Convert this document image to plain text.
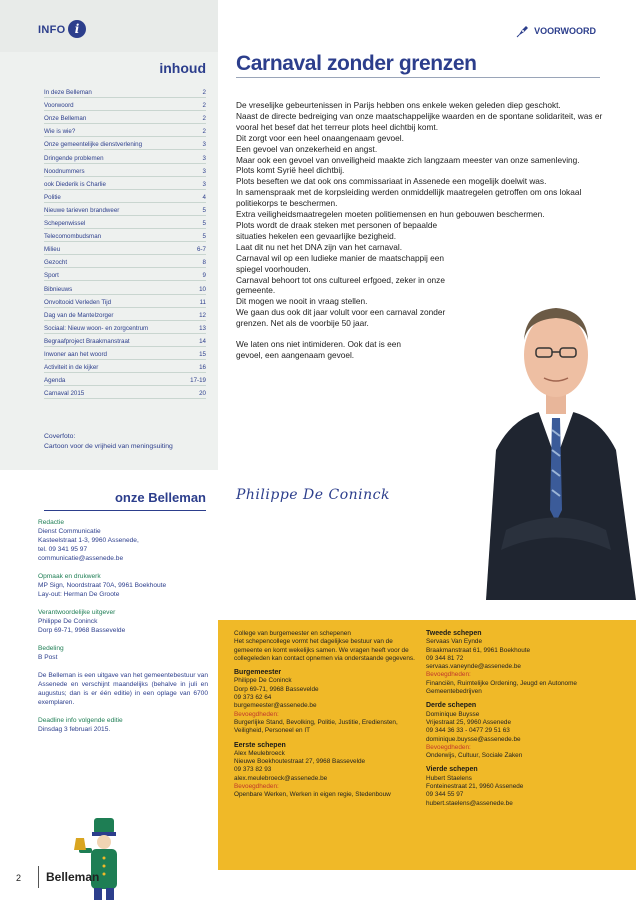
INFO i
inhoud
In deze Belleman	2
Voorwoord	2
Onze Belleman	2
Wie is wie?	2
Onze gemeentelijke dienstverlening	3
Dringende problemen	3
Noodnummers	3
ook Diederik is Charlie	3
Politie	4
Nieuwe tarieven brandweer	5
Schepenwissel	5
Telecomombudsman	5
Milieu	6-7
Gezocht	8
Sport	9
Bibnieuws	10
Onvoltooid Verleden Tijd	11
Dag van de Mantelzorger	12
Sociaal: Nieuw woon- en zorgcentrum	13
Begraafproject Braakmanstraat	14
Inwoner aan het woord	15
Activiteit in de kijker	16
Agenda	17-19
Carnaval 2015	20
Coverfoto:
Cartoon voor de vrijheid van meningsuiting
onze Belleman
Redactie
Dienst Communicatie
Kasteelstraat 1-3, 9960 Assenede,
tel. 09 341 95 97
communicatie@assenede.be
Opmaak en drukwerk
MP Sign, Noordstraat 70A, 9961 Boekhoute
Lay-out: Herman De Groote
Verantwoordelijke uitgever
Philippe De Coninck
Dorp 69-71, 9968 Bassevelde
Bedeling
B Post
De Belleman is een uitgave van het gemeentebestuur van Assenede en verschijnt maandelijks (behalve in juli en augustus; dan is er één editie) in een oplage van 6700 exemplaren.
Deadline info volgende editie
Dinsdag 3 februari 2015.
2 Belleman
VOORWOORD
Carnaval zonder grenzen

De vreselijke gebeurtenissen in Parijs hebben ons enkele weken geleden diep geschokt.

Naast de directe bedreiging van onze maatschappelijke waarden en de spontane solidariteit, was er vooral het besef dat het terreur plots heel dichtbij komt.

Dit zorgt voor een heel onaangenaam gevoel.

Een gevoel van onzekerheid en angst.

Maar ook een gevoel van onveiligheid maakte zich langzaam meester van onze samenleving.

Plots komt Syrië heel dichtbij.

Plots beseften we dat ook ons commissariaat in Assenede een mogelijk doelwit was.

In samenspraak met de korpsleiding werden onmiddellijk maatregelen getroffen om ons lokaal politiekorps te beschermen.

Extra veiligheidsmaatregelen moeten politiemensen en hun gebouwen beschermen.

Plots wordt de draak steken met personen of bepaalde situaties hekelen een gevaarlijke bezigheid.

Laat dit nu net het DNA zijn van het carnaval.

Carnaval wil op een ludieke manier de maatschappij een spiegel voorhouden.

Carnaval behoort tot ons cultureel erfgoed, zeker in onze gemeente.

Dit mogen we nooit in vraag stellen.

We gaan dus ook dit jaar volult voor een carnaval zonder grenzen. Net als de voorbije 50 jaar.

We laten ons niet intimideren. Ook dat is een gevoel, een aangenaam gevoel.

Philippe De Coninck
College van burgemeester en schepenen
Het schepencollege vormt het dagelijkse bestuur van de gemeente en komt wekelijks samen. We vragen heeft voor de collegeleden kan contact opnemen via onderstaande gegevens.
Burgemeester
Philippe De Coninck
Dorp 69-71, 9968 Bassevelde
09 373 62 64
burgemeester@assenede.be
Bevoegdheden:
Burgerlijke Stand, Bevolking, Politie, Justitie, Erediensten, Veiligheid, Personeel en IT
Eerste schepen
Alex Meulebroeck
Nieuwe Boekhoutestraat 27, 9968 Bassevelde
09 373 82 93
alex.meulebroeck@assenede.be
Bevoegdheden:
Openbare Werken, Werken in eigen regie, Stedenbouw
Tweede schepen
Servaas Van Eynde
Braakmanstraat 61, 9961 Boekhoute
09 344 81 72
servaas.vaneynde@assenede.be
Bevoegdheden:
Financiën, Ruimtelijke Ordening, Jeugd en Autonome Gemeentebedrijven
Derde schepen
Dominique Buysse
Vrijestraat 25, 9960 Assenede
09 344 36 33 - 0477 29 51 63
dominique.buysse@assenede.be
Bevoegdheden:
Onderwijs, Cultuur, Sociale Zaken
Vierde schepen
Hubert Staelens
Fonteinestraat 21, 9960 Assenede
09 344 55 97
hubert.staelens@assenede.be
